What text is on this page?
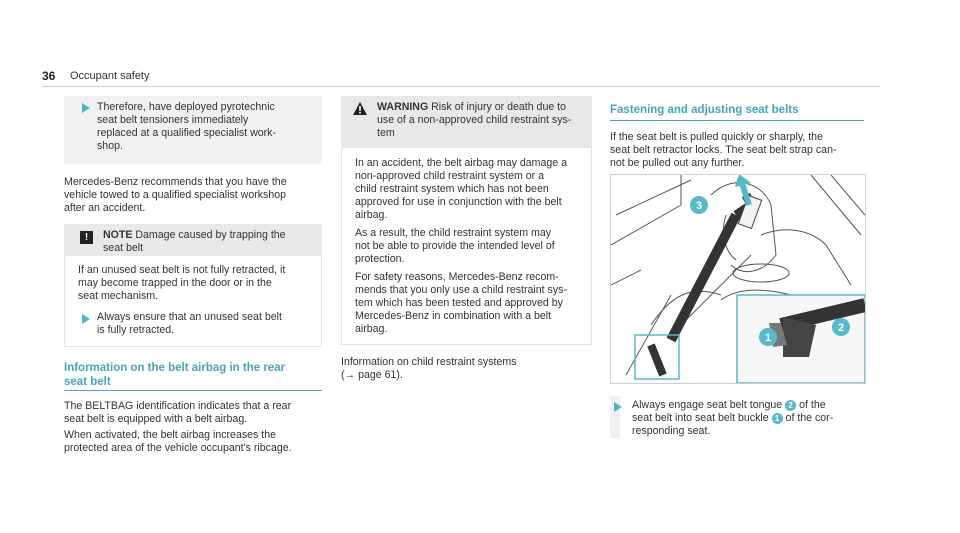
36 Occupant safety
Therefore, have deployed pyrotechnic
seat belt tensioners immediately
replaced at a qualified specialist work-
shop.
Mercedes-Benz recommends that you have the
vehicle towed to a qualified specialist workshop
after an accident.
!	NOTE Damage caused by trapping the
seat belt
If an unused seat belt is not fully retracted, it
may become trapped in the door or in the
seat mechanism.
Always ensure that an unused seat belt
is fully retracted.
Information on the belt airbag in the rear
seat belt
The BELTBAG identification indicates that a rear
seat belt is equipped with a belt airbag.
When activated, the belt airbag increases the
protected area of the vehicle occupant's ribcage.
WARNING Risk of injury or death due to
use of a non-approved child restraint sys-
tem
In an accident, the belt airbag may damage a
non-approved child restraint system or a
child restraint system which has not been
approved for use in conjunction with the belt
airbag.
As a result, the child restraint system may
not be able to provide the intended level of
protection.
For safety reasons, Mercedes-Benz recom-
mends that you only use a child restraint sys-
tem which has been tested and approved by
Mercedes-Benz in combination with a belt
airbag.
Information on child restraint systems
(→ page 61).
Fastening and adjusting seat belts
If the seat belt is pulled quickly or sharply, the
seat belt retractor locks. The seat belt strap can-
not be pulled out any further.
3
1
2
Always engage seat belt tongue 2 of the
seat belt into seat belt buckle 1 of the cor-
responding seat.
